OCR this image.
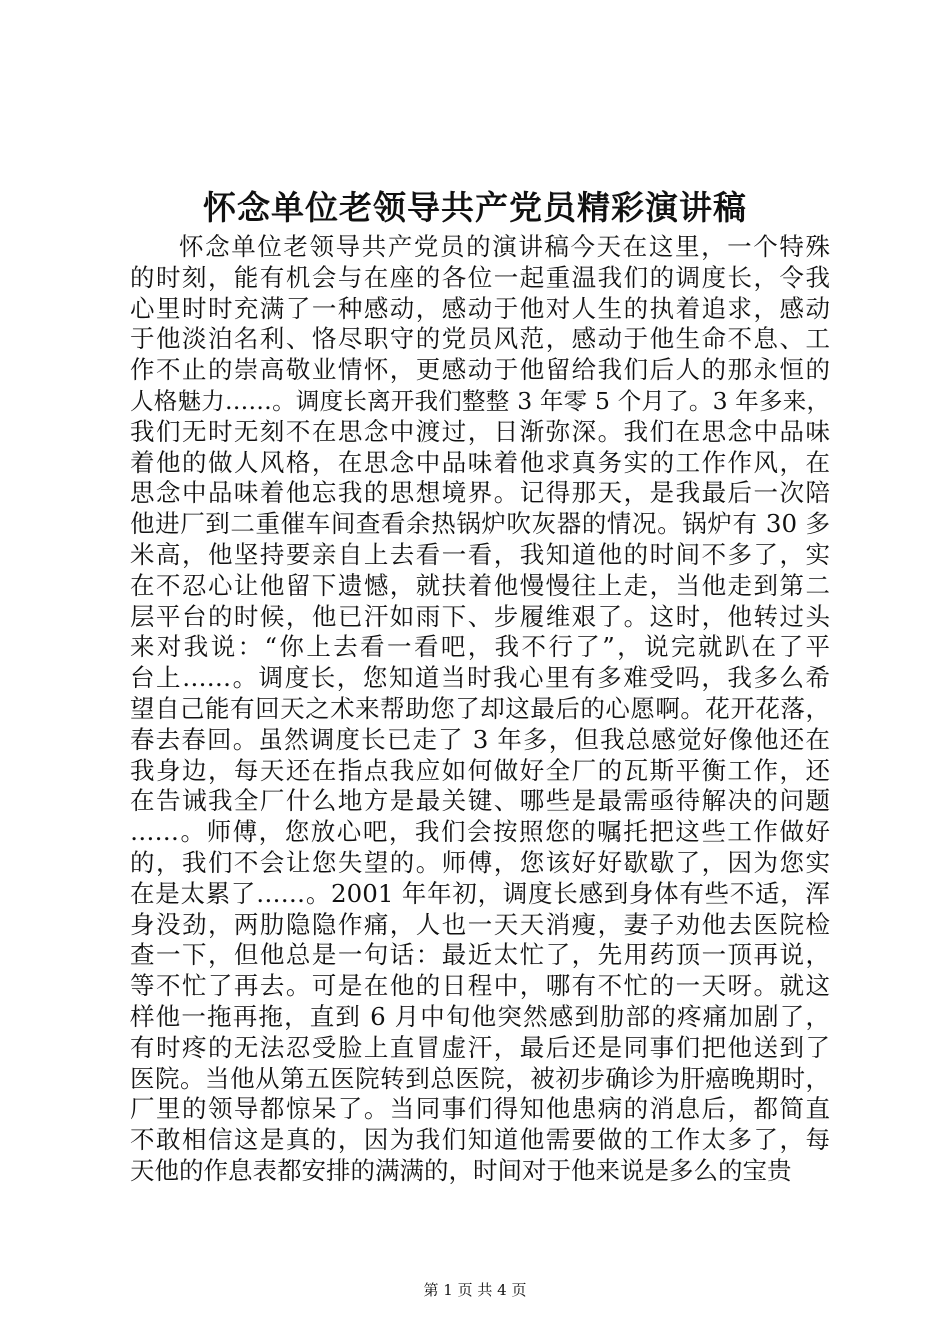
怀念单位老领导共产党员精彩演讲稿
怀念单位老领导共产党员的演讲稿今天在这里，一个特殊
的时刻，能有机会与在座的各位一起重温我们的调度长，令我
心里时时充满了一种感动，感动于他对人生的执着追求，感动
于他淡泊名利、恪尽职守的党员风范，感动于他生命不息、工
作不止的崇高敬业情怀，更感动于他留给我们后人的那永恒的
人格魅力……。调度长离开我们整整 3 年零 5 个月了。3 年多来，
我们无时无刻不在思念中渡过，日渐弥深。我们在思念中品味
着他的做人风格，在思念中品味着他求真务实的工作作风，在
思念中品味着他忘我的思想境界。记得那天，是我最后一次陪
他进厂到二重催车间查看余热锅炉吹灰器的情况。锅炉有 30 多
米高，他坚持要亲自上去看一看，我知道他的时间不多了，实
在不忍心让他留下遗憾，就扶着他慢慢往上走，当他走到第二
层平台的时候，他已汗如雨下、步履维艰了。这时，他转过头
来对我说：“你上去看一看吧，我不行了”，说完就趴在了平
台上……。调度长，您知道当时我心里有多难受吗，我多么希
望自己能有回天之术来帮助您了却这最后的心愿啊。花开花落，
春去春回。虽然调度长已走了 3 年多，但我总感觉好像他还在
我身边，每天还在指点我应如何做好全厂的瓦斯平衡工作，还
在告诫我全厂什么地方是最关键、哪些是最需亟待解决的问题
……。师傅，您放心吧，我们会按照您的嘱托把这些工作做好
的，我们不会让您失望的。师傅，您该好好歇歇了，因为您实
在是太累了……。2001 年年初，调度长感到身体有些不适，浑
身没劲，两肋隐隐作痛，人也一天天消瘦，妻子劝他去医院检
查一下，但他总是一句话：最近太忙了，先用药顶一顶再说，
等不忙了再去。可是在他的日程中，哪有不忙的一天呀。就这
样他一拖再拖，直到 6 月中旬他突然感到肋部的疼痛加剧了，
有时疼的无法忍受脸上直冒虚汗，最后还是同事们把他送到了
医院。当他从第五医院转到总医院，被初步确诊为肝癌晚期时，
厂里的领导都惊呆了。当同事们得知他患病的消息后，都简直
不敢相信这是真的，因为我们知道他需要做的工作太多了，每
天他的作息表都安排的满满的，时间对于他来说是多么的宝贵
第 1 页 共 4 页
